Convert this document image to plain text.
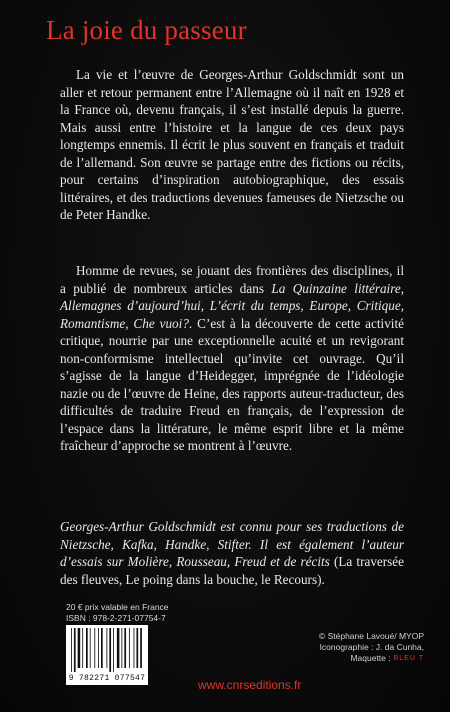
La joie du passeur

La vie et l’œuvre de Georges-Arthur Goldschmidt sont un aller et retour permanent entre l’Allemagne où il naît en 1928 et la France où, devenu français, il s’est installé depuis la guerre. Mais aussi entre l’histoire et la langue de ces deux pays longtemps ennemis. Il écrit le plus souvent en français et traduit de l’allemand. Son œuvre se partage entre des fictions ou récits, pour certains d’inspiration autobiographique, des essais littéraires, et des traductions devenues fameuses de Nietzsche ou de Peter Handke.

Homme de revues, se jouant des frontières des disciplines, il a publié de nombreux articles dans La Quinzaine littéraire, Allemagnes d’aujourd’hui, L’écrit du temps, Europe, Critique, Romantisme, Che vuoi?. C’est à la découverte de cette activité critique, nourrie par une exceptionnelle acuité et un revigorant non-conformisme intellectuel qu’invite cet ouvrage. Qu’il s’agisse de la langue d’Heidegger, imprégnée de l’idéologie nazie ou de l’œuvre de Heine, des rapports auteur-traducteur, des difficultés de traduire Freud en français, de l’expression de l’espace dans la littérature, le même esprit libre et la même fraîcheur d’approche se montrent à l’œuvre.

Georges-Arthur Goldschmidt est connu pour ses traductions de Nietzsche, Kafka, Handke, Stifter. Il est également l’auteur d’essais sur Molière, Rousseau, Freud et de récits (La traversée des fleuves, Le poing dans la bouche, le Recours).

20 € prix valable en France
ISBN : 978-2-271-07754-7
9 782271 077547
© Stéphane Lavoué/ MYOP
Iconographie : J. da Cunha,
Maquette : BLEU T
www.cnrseditions.fr
